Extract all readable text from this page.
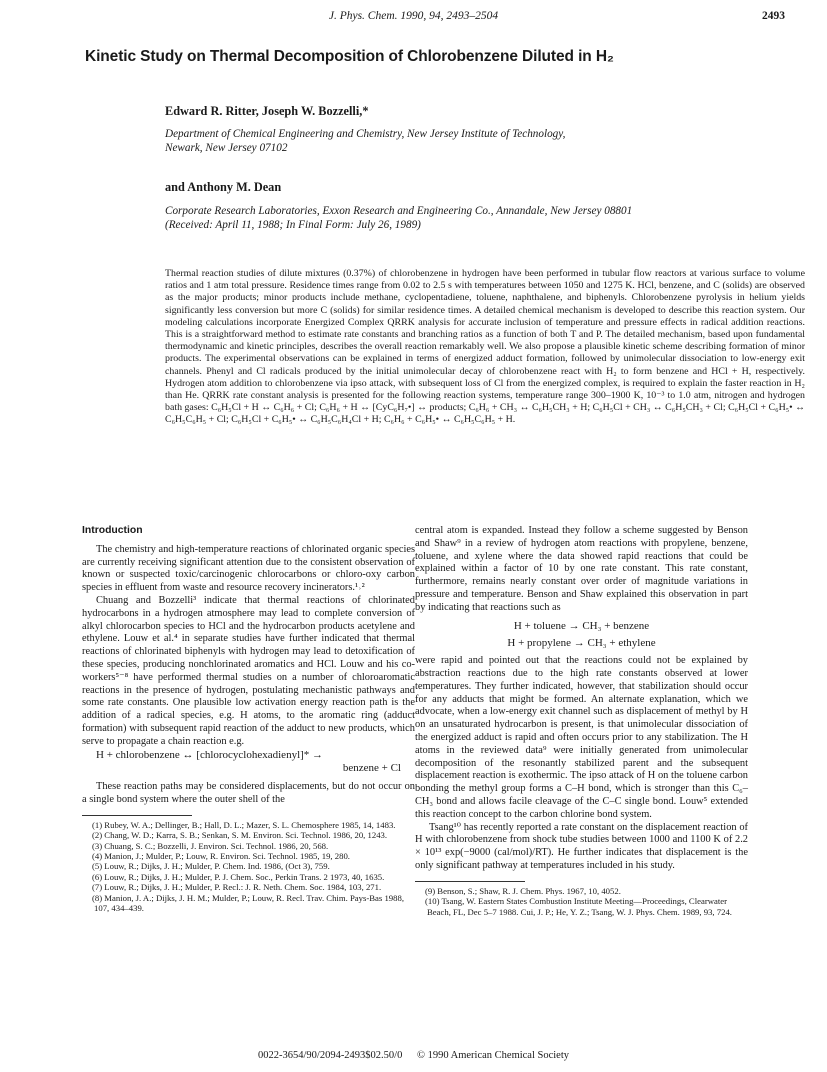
J. Phys. Chem. 1990, 94, 2493–2504	2493
Kinetic Study on Thermal Decomposition of Chlorobenzene Diluted in H₂
Edward R. Ritter, Joseph W. Bozzelli,*
Department of Chemical Engineering and Chemistry, New Jersey Institute of Technology,
Newark, New Jersey 07102
and Anthony M. Dean
Corporate Research Laboratories, Exxon Research and Engineering Co., Annandale, New Jersey 08801
(Received: April 11, 1988; In Final Form: July 26, 1989)
Thermal reaction studies of dilute mixtures (0.37%) of chlorobenzene in hydrogen have been performed in tubular flow reactors at various surface to volume ratios and 1 atm total pressure. Residence times range from 0.02 to 2.5 s with temperatures between 1050 and 1275 K. HCl, benzene, and C (solids) are observed as the major products; minor products include methane, cyclopentadiene, toluene, naphthalene, and biphenyls. Chlorobenzene pyrolysis in helium yields significantly less conversion but more C (solids) for similar residence times. A detailed chemical mechanism is developed to describe this reaction system. Our modeling calculations incorporate Energized Complex QRRK analysis for accurate inclusion of temperature and pressure effects in radical addition reactions. This is a straightforward method to estimate rate constants and branching ratios as a function of both T and P. The detailed mechanism, based upon fundamental thermodynamic and kinetic principles, describes the overall reaction remarkably well. We also propose a plausible kinetic scheme describing formation of minor products. The experimental observations can be explained in terms of energized adduct formation, followed by unimolecular dissociation to low-energy exit channels. Phenyl and Cl radicals produced by the initial unimolecular decay of chlorobenzene react with H₂ to form benzene and HCl + H, respectively. Hydrogen atom addition to chlorobenzene via ipso attack, with subsequent loss of Cl from the energized complex, is required to explain the faster reaction in H₂ than He. QRRK rate constant analysis is presented for the following reaction systems, temperature range 300–1900 K, 10⁻³ to 1.0 atm, nitrogen and hydrogen bath gases: C₆H₅Cl + H ↔ C₆H₆ + Cl; C₆H₆ + H ↔ [CyC₆H₇•] ↔ products; C₆H₆ + CH₃ ↔ C₆H₅CH₃ + H; C₆H₅Cl + CH₃ ↔ C₆H₅CH₃ + Cl; C₆H₅Cl + C₆H₅• ↔ C₆H₅C₆H₅ + Cl; C₆H₅Cl + C₆H₅• ↔ C₆H₅C₆H₄Cl + H; C₆H₆ + C₆H₅• ↔ C₆H₅C₆H₅ + H.
Introduction

The chemistry and high-temperature reactions of chlorinated organic species are currently receiving significant attention due to the consistent observation of known or suspected toxic/carcinogenic chlorocarbons or chloro-oxy carbon species in effluent from waste and resource recovery incinerators.¹˒²

Chuang and Bozzelli³ indicate that thermal reactions of chlorinated hydrocarbons in a hydrogen atmosphere may lead to complete conversion of alkyl chlorocarbon species to HCl and the hydrocarbon products acetylene and ethylene. Louw et al.⁴ in separate studies have further indicated that thermal reactions of chlorinated biphenyls with hydrogen may lead to detoxification of these species, producing nonchlorinated aromatics and HCl. Louw and his co-workers⁵⁻⁸ have performed thermal studies on a number of chloroaromatic reactions in the presence of hydrogen, postulating mechanistic pathways and some rate constants. One plausible low activation energy reaction path is the addition of a radical species, e.g. H atoms, to the aromatic ring (adduct formation) with subsequent rapid reaction of the adduct to new products, which serve to propagate a chain reaction e.g.

H + chlorobenzene ↔ [chlorocyclohexadienyl]* →

benzene + Cl

These reaction paths may be considered displacements, but do not occur on a single bond system where the outer shell of the

(1) Rubey, W. A.; Dellinger, B.; Hall, D. L.; Mazer, S. L. Chemosphere 1985, 14, 1483.
(2) Chang, W. D.; Karra, S. B.; Senkan, S. M. Environ. Sci. Technol. 1986, 20, 1243.
(3) Chuang, S. C.; Bozzelli, J. Environ. Sci. Technol. 1986, 20, 568.
(4) Manion, J.; Mulder, P.; Louw, R. Environ. Sci. Technol. 1985, 19, 280.
(5) Louw, R.; Dijks, J. H.; Mulder, P. Chem. Ind. 1986, (Oct 3), 759.
(6) Louw, R.; Dijks, J. H.; Mulder, P. J. Chem. Soc., Perkin Trans. 2 1973, 40, 1635.
(7) Louw, R.; Dijks, J. H.; Mulder, P. Recl.: J. R. Neth. Chem. Soc. 1984, 103, 271.
(8) Manion, J. A.; Dijks, J. H. M.; Mulder, P.; Louw, R. Recl. Trav. Chim. Pays-Bas 1988, 107, 434–439.

central atom is expanded. Instead they follow a scheme suggested by Benson and Shaw⁹ in a review of hydrogen atom reactions with propylene, benzene, toluene, and xylene where the data showed rapid reactions that could be explained within a factor of 10 by one rate constant. This rate constant, furthermore, remains nearly constant over order of magnitude variations in pressure and temperature. Benson and Shaw explained this observation in part by indicating that reactions such as

H + toluene → CH₃ + benzene
H + propylene → CH₃ + ethylene

were rapid and pointed out that the reactions could not be explained by abstraction reactions due to the high rate constants observed at lower temperatures. They further indicated, however, that stabilization should occur for any adducts that might be formed. An alternate explanation, which we advocate, when a low-energy exit channel such as displacement of methyl by H on an unsaturated hydrocarbon is present, is that unimolecular dissociation of the energized adduct is rapid and often occurs prior to any stabilization. The H atoms in the reviewed data⁹ were initially generated from unimolecular decomposition of the resonantly stabilized parent and the subsequent displacement reaction is exothermic. The ipso attack of H on the toluene carbon bonding the methyl group forms a C–H bond, which is stronger than this C₆–CH₃ bond and allows facile cleavage of the C–C single bond. Louw⁵ extended this reaction concept to the carbon chlorine bond system.

Tsang¹⁰ has recently reported a rate constant on the displacement reaction of H with chlorobenzene from shock tube studies between 1000 and 1100 K of 2.2 × 10¹³ exp(−9000 (cal/mol)/RT). He further indicates that displacement is the only significant pathway at temperatures included in his study.

(9) Benson, S.; Shaw, R. J. Chem. Phys. 1967, 10, 4052.
(10) Tsang, W. Eastern States Combustion Institute Meeting—Proceedings, Clearwater Beach, FL, Dec 5–7 1988. Cui, J. P.; He, Y. Z.; Tsang, W. J. Phys. Chem. 1989, 93, 724.
0022-3654/90/2094-2493$02.50/0 © 1990 American Chemical Society
